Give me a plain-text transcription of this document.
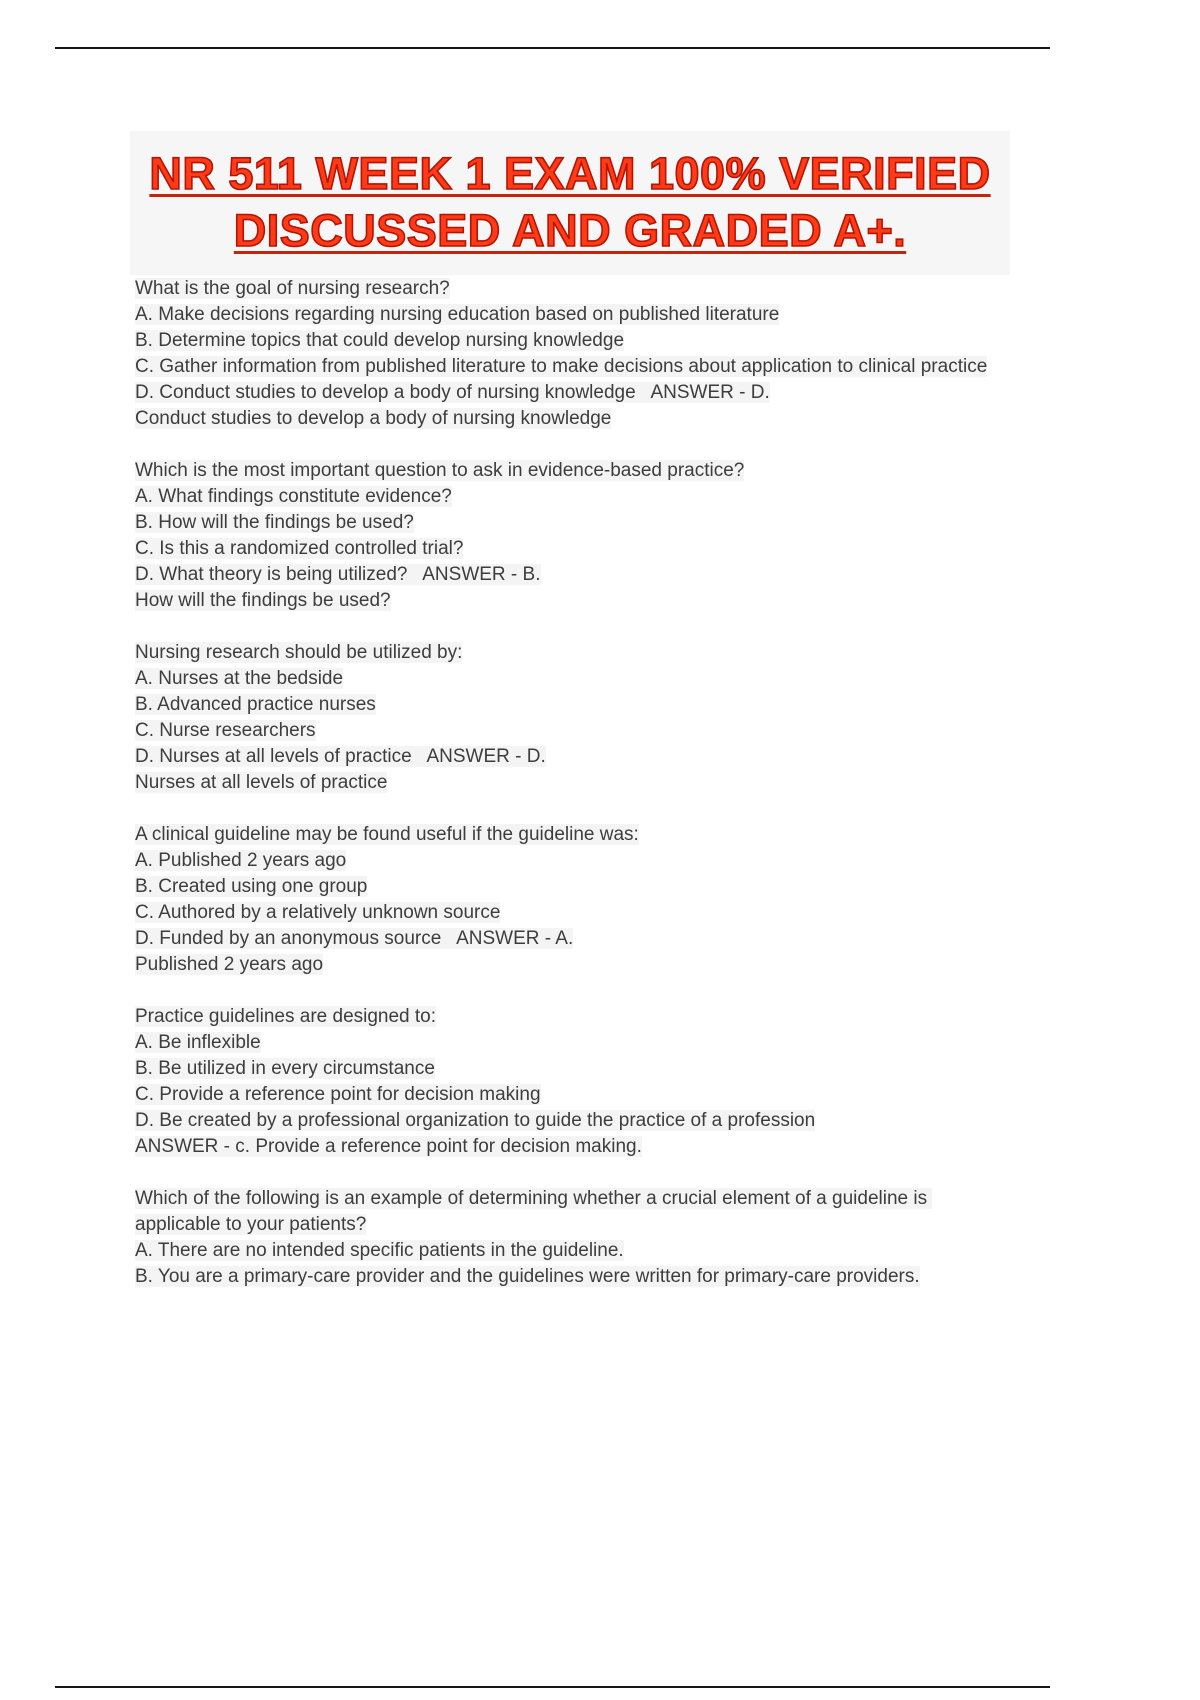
NR 511 WEEK 1 EXAM 100% VERIFIED
DISCUSSED AND GRADED A+.
What is the goal of nursing research?
A. Make decisions regarding nursing education based on published literature
B. Determine topics that could develop nursing knowledge
C. Gather information from published literature to make decisions about application to clinical practice
D. Conduct studies to develop a body of nursing knowledge   ANSWER - D.
Conduct studies to develop a body of nursing knowledge
Which is the most important question to ask in evidence-based practice?
A. What findings constitute evidence?
B. How will the findings be used?
C. Is this a randomized controlled trial?
D. What theory is being utilized?   ANSWER - B.
How will the findings be used?
Nursing research should be utilized by:
A. Nurses at the bedside
B. Advanced practice nurses
C. Nurse researchers
D. Nurses at all levels of practice   ANSWER - D.
Nurses at all levels of practice
A clinical guideline may be found useful if the guideline was:
A. Published 2 years ago
B. Created using one group
C. Authored by a relatively unknown source
D. Funded by an anonymous source   ANSWER - A.
Published 2 years ago
Practice guidelines are designed to:
A. Be inflexible
B. Be utilized in every circumstance
C. Provide a reference point for decision making
D. Be created by a professional organization to guide the practice of a profession
ANSWER - c. Provide a reference point for decision making.
Which of the following is an example of determining whether a crucial element of a guideline is applicable to your patients?
A. There are no intended specific patients in the guideline.
B. You are a primary-care provider and the guidelines were written for primary-care providers.
